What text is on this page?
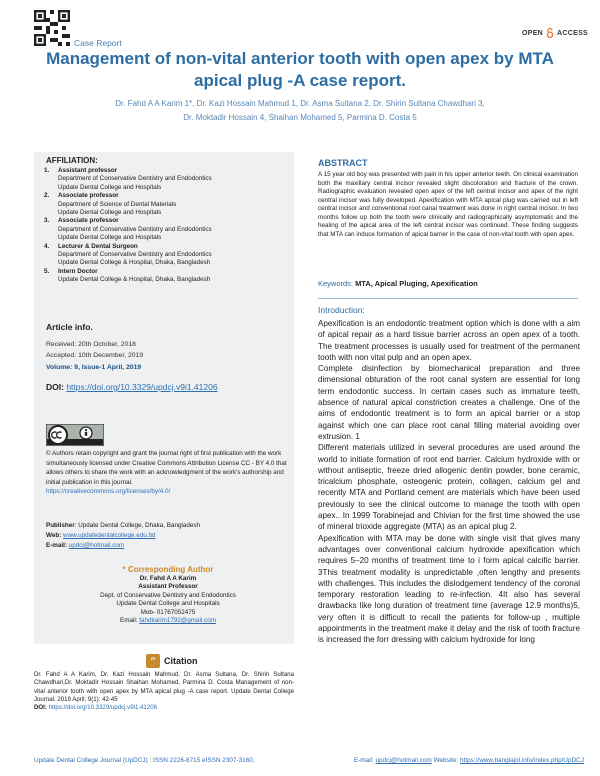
Case Report
OPEN ACCESS
Management of non-vital anterior tooth with open apex by MTA apical plug -A case report.
Dr. Fahd A A Karim 1*, Dr. Kazi Hossain Mahmud 1, Dr. Asma Sultana 2, Dr. Shirin Sultana Chawdhari 3,
Dr. Moktadir Hossain 4, Shaihan Mohamed 5, Parmina D. Costa 5
AFFILIATION:
1.	Assistant professor
Department of Conservative Dentistry and Endodontics
Update Dental College and Hospitals
2.	Associate professor
Department of Science of Dental Materials
Update Dental College and Hospitals
3.	Associate professor
Department of Conservative Dentistry and Endodontics
Update Dental College and Hospitals
4.	Lecturer & Dental Surgeon
Department of Conservative Dentistry and Endodontics
Update Dental College & Hospital, Dhaka, Bangladesh
5.	Intern Doctor
Update Dental College & Hospital, Dhaka, Bangladesh
Article info.
Received: 20th October, 2018
Accepted: 10th December, 2019
Volume: 9, Issue-1 April, 2019
DOI: https://doi.org/10.3329/updcj.v9i1.41206
© Authors retain copyright and grant the journal right of first publication with the work simultaneously licensed under Creative Commons Attribution License CC - BY 4.0 that allows others to share the work with an acknowledgment of the work's authorship and initial publication in this journal.
https://creativecommons.org/licenses/by/4.0/
Publisher: Update Dental College, Dhaka, Bangladesh
Web: www.updatedentalcollege.edu.bd
E-mail: updcj@hotmail.com
* Corresponding Author
Dr. Fahd A A Karim
Assistant Professor
Dept. of Conservative Dentistry and Endodontics
Update Dental College and Hospitals
Mob- 01767052475
Email: fahdkarim1792@gmail.com
“ Citation
Dr. Fahd A A Karim, Dr. Kazi Hossain Mahmud, Dr. Asma Sultana, Dr. Shirin Sultana Chawdhari,Dr. Moktadir Hossain Shaihan Mohamed, Parmina D. Costa Management of non-vital anterior tooth with open apex by MTA apical plug -A case report. Update Dental College Journal. 2019 April; 9(1): 42-45
DOI: https://doi.org/10.3329/updcj.v9i1.41206
ABSTRACT
A 15 year old boy was presented with pain in his upper anterior teeth. On clinical examination both the maxillary central incisor revealed slight discoloration and fracture of the crown. Radiographic evaluation revealed open apex of the left central incisor and apex of the right central incisor was fully developed. Apexification with MTA apical plug was carried out in left central incisor and conventional root canal treatment was done in right central incisor. In two months follow up both the tooth were clinically and radiographically asymptomatic and the healing of the apical area of the left central incisor was continued. These finding suggests that MTA can induce formation of apical barrier in the case of non-vital tooth with open apex.
Keywords: MTA, Apical Pluging, Apexification
Introduction:

Apexification is an endodontic treatment option which is done with a aim of apical repair as a hard tissue barrier across an open apex of a tooth. The treatment processes is usually used for treatment of the permanent tooth with non vital pulp and an open apex.

Complete disinfection by biomechanical preparation and three dimensional obturation of the root canal system are essential for long term endodontic success. In certain cases such as immature teeth, absence of natural apical constriction creates a challenge. One of the aims of endodontic treatment is to form an apical barrier or a stop against which one can place root canal filling material avoiding over extrusion. 1

Different materials utilized in several procedures are used around the world to initiate formation of root end barrier. Calcium hydroxide with or without antiseptic, freeze dried allogenic dentin powder, bone ceramic, tricalcium phosphate, osteogenic protein, collagen, calcium gel and recently MTA and Portland cement are materials which have been used previously to see the clinical outcome to manage the tooth with open apex.. In 1999 Torabinejad and Chivian for the first time showed the use of mineral trioxide aggregate (MTA) as an apical plug 2.

Apexification with MTA may be done with single visit that gives many advantages over conventional calcium hydroxide apexification which requires 5–20 months of treatment time to i form apical calcific barrier. 3This treatment modality is unpredictable ,often lengthy and presents with challenges. This includes the dislodgement tendency of the coronal temporary restoration leading to re-infection. 4It also has several drawbacks like long duration of treatment time (average 12.9 months)5, very often it is difficult to recall the patients for follow-up , multiple appointments in the treatment make it delay and the risk of tooth fracture is increased the forr dressing with calcium hydroxide for long

Update Dental College Journal (UpDCJ) : ISSN 2226-8715 eISSN 2307-3160,	E-mail: updcj@hotmail.com Website: https://www.banglajol.info/index.php/UpDCJ
